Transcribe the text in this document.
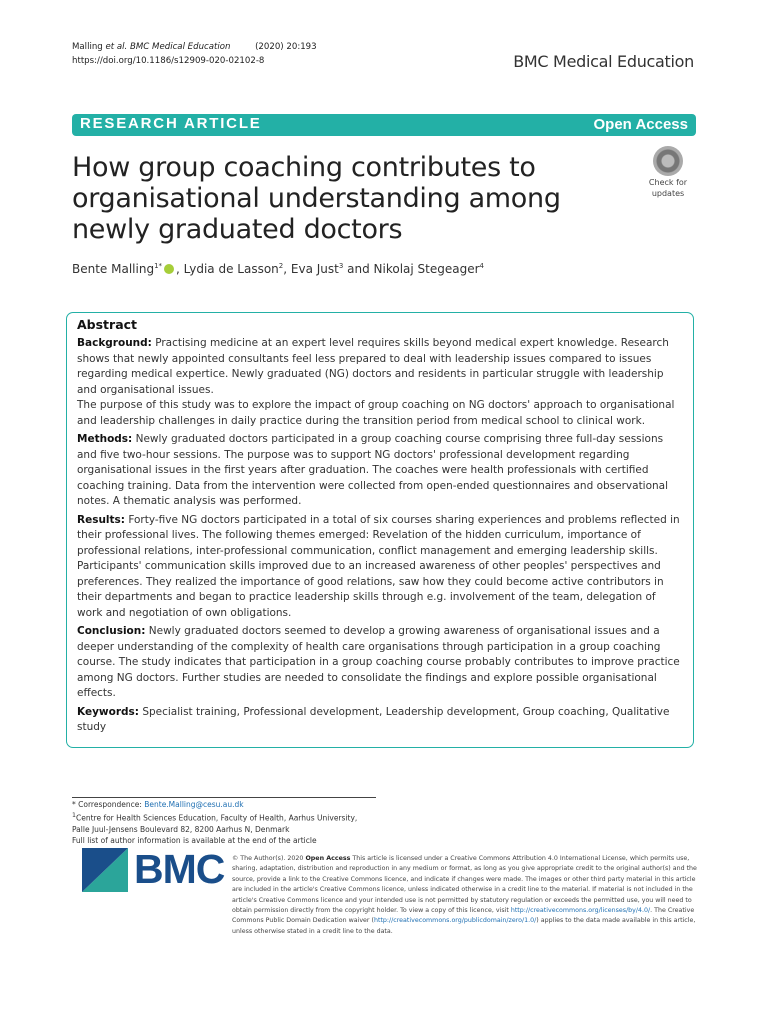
Malling et al. BMC Medical Education	(2020) 20:193
https://doi.org/10.1186/s12909-020-02102-8	BMC Medical Education
RESEARCH ARTICLE	Open Access
How group coaching contributes to organisational understanding among newly graduated doctors
Check for
updates
Bente Malling$^{1*}$ , Lydia de Lasson$^2$, Eva Just$^3$ and Nikolaj Stegeager$^4$
Abstract

Background: Practising medicine at an expert level requires skills beyond medical expert knowledge. Research shows that newly appointed consultants feel less prepared to deal with leadership issues compared to issues regarding medical expertice. Newly graduated (NG) doctors and residents in particular struggle with leadership and organisational issues.
The purpose of this study was to explore the impact of group coaching on NG doctors' approach to organisational and leadership challenges in daily practice during the transition period from medical school to clinical work.

Methods: Newly graduated doctors participated in a group coaching course comprising three full-day sessions and five two-hour sessions. The purpose was to support NG doctors' professional development regarding organisational issues in the first years after graduation. The coaches were health professionals with certified coaching training. Data from the intervention were collected from open-ended questionnaires and observational notes. A thematic analysis was performed.

Results: Forty-five NG doctors participated in a total of six courses sharing experiences and problems reflected in their professional lives. The following themes emerged: Revelation of the hidden curriculum, importance of professional relations, inter-professional communication, conflict management and emerging leadership skills. Participants' communication skills improved due to an increased awareness of other peoples' perspectives and preferences. They realized the importance of good relations, saw how they could become active contributors in their departments and began to practice leadership skills through e.g. involvement of the team, delegation of work and negotiation of own obligations.

Conclusion: Newly graduated doctors seemed to develop a growing awareness of organisational issues and a deeper understanding of the complexity of health care organisations through participation in a group coaching course. The study indicates that participation in a group coaching course probably contributes to improve practice among NG doctors. Further studies are needed to consolidate the findings and explore possible organisational effects.

Keywords: Specialist training, Professional development, Leadership development, Group coaching, Qualitative study

* Correspondence: Bente.Malling@cesu.au.dk
$^1$Centre for Health Sciences Education, Faculty of Health, Aarhus University,
Palle Juul-Jensens Boulevard 82, 8200 Aarhus N, Denmark
Full list of author information is available at the end of the article
BMC © The Author(s). 2020 Open Access This article is licensed under a Creative Commons Attribution 4.0 International License, which permits use, sharing, adaptation, distribution and reproduction in any medium or format, as long as you give appropriate credit to the original author(s) and the source, provide a link to the Creative Commons licence, and indicate if changes were made. The images or other third party material in this article are included in the article's Creative Commons licence, unless indicated otherwise in a credit line to the material. If material is not included in the article's Creative Commons licence and your intended use is not permitted by statutory regulation or exceeds the permitted use, you will need to obtain permission directly from the copyright holder. To view a copy of this licence, visit http://creativecommons.org/licenses/by/4.0/. The Creative Commons Public Domain Dedication waiver (http://creativecommons.org/publicdomain/zero/1.0/) applies to the data made available in this article, unless otherwise stated in a credit line to the data.
